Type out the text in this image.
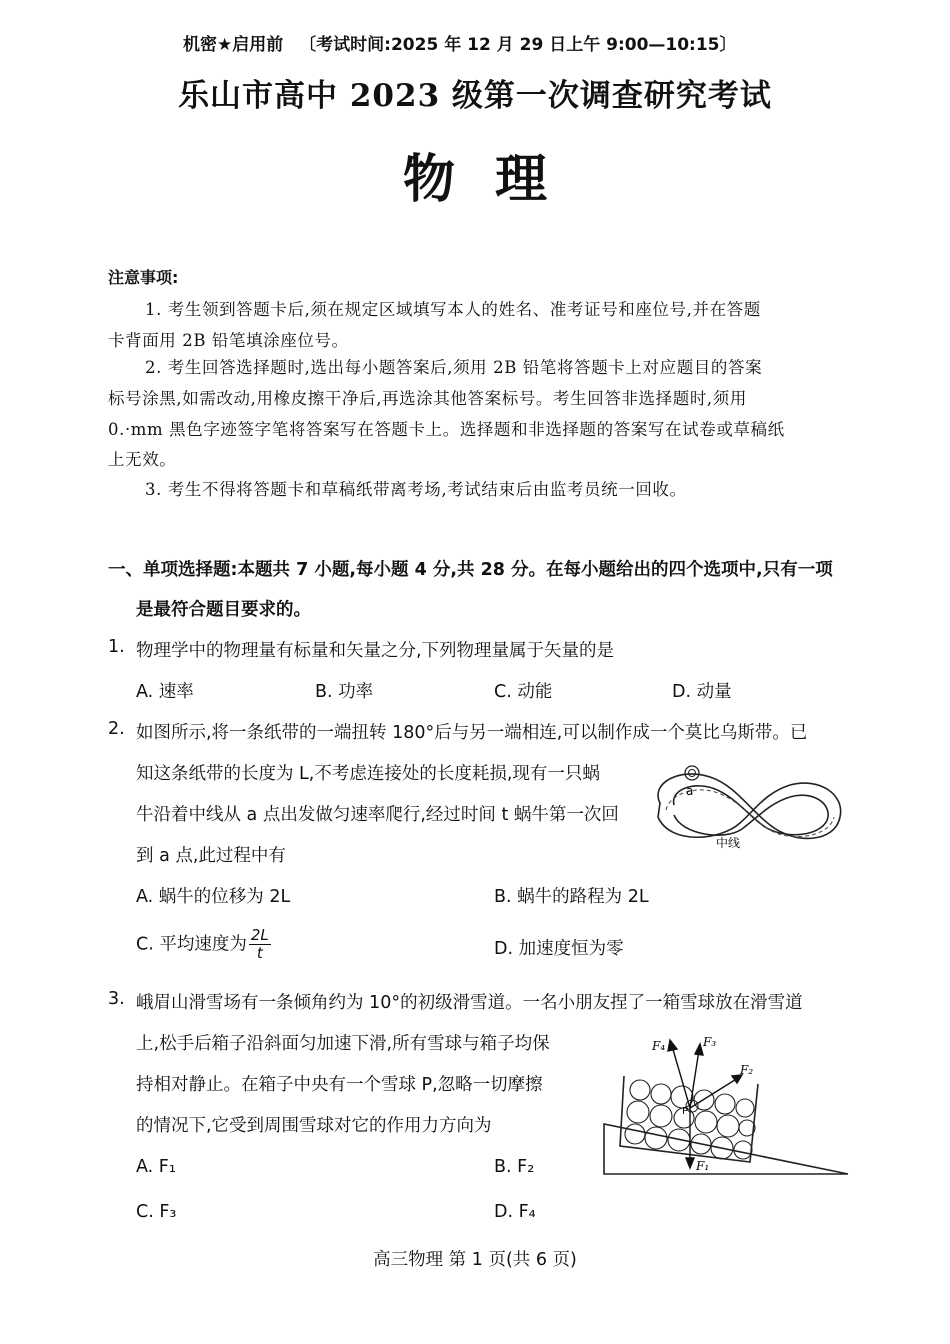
机密★启用前 〔考试时间:2025 年 12 月 29 日上午 9:00—10:15〕
乐山市高中 2023 级第一次调查研究考试
物理
注意事项:
1. 考生领到答题卡后,须在规定区域填写本人的姓名、准考证号和座位号,并在答题
卡背面用 2B 铅笔填涂座位号。
2. 考生回答选择题时,选出每小题答案后,须用 2B 铅笔将答题卡上对应题目的答案
标号涂黑,如需改动,用橡皮擦干净后,再选涂其他答案标号。考生回答非选择题时,须用
0.·mm 黑色字迹签字笔将答案写在答题卡上。选择题和非选择题的答案写在试卷或草稿纸
上无效。
3. 考生不得将答题卡和草稿纸带离考场,考试结束后由监考员统一回收。
一、单项选择题:本题共 7 小题,每小题 4 分,共 28 分。在每小题给出的四个选项中,只有一项
是最符合题目要求的。
1. 物理学中的物理量有标量和矢量之分,下列物理量属于矢量的是
A. 速率	B. 功率	C. 动能	D. 动量
2. 如图所示,将一条纸带的一端扭转 180°后与另一端相连,可以制作成一个莫比乌斯带。已
知这条纸带的长度为 L,不考虑连接处的长度耗损,现有一只蜗
牛沿着中线从 a 点出发做匀速率爬行,经过时间 t 蜗牛第一次回
到 a 点,此过程中有
a
中线
A. 蜗牛的位移为 2L	B. 蜗牛的路程为 2L
C. 平均速度为 $\frac{2L}{t}$	D. 加速度恒为零
3. 峨眉山滑雪场有一条倾角约为 10°的初级滑雪道。一名小朋友捏了一箱雪球放在滑雪道
上,松手后箱子沿斜面匀加速下滑,所有雪球与箱子均保
持相对静止。在箱子中央有一个雪球 P,忽略一切摩擦
的情况下,它受到周围雪球对它的作用力方向为
F₁
F₂
F₃
F₄
P
A. F₁	B. F₂
C. F₃	D. F₄
高三物理 第 1 页(共 6 页)
